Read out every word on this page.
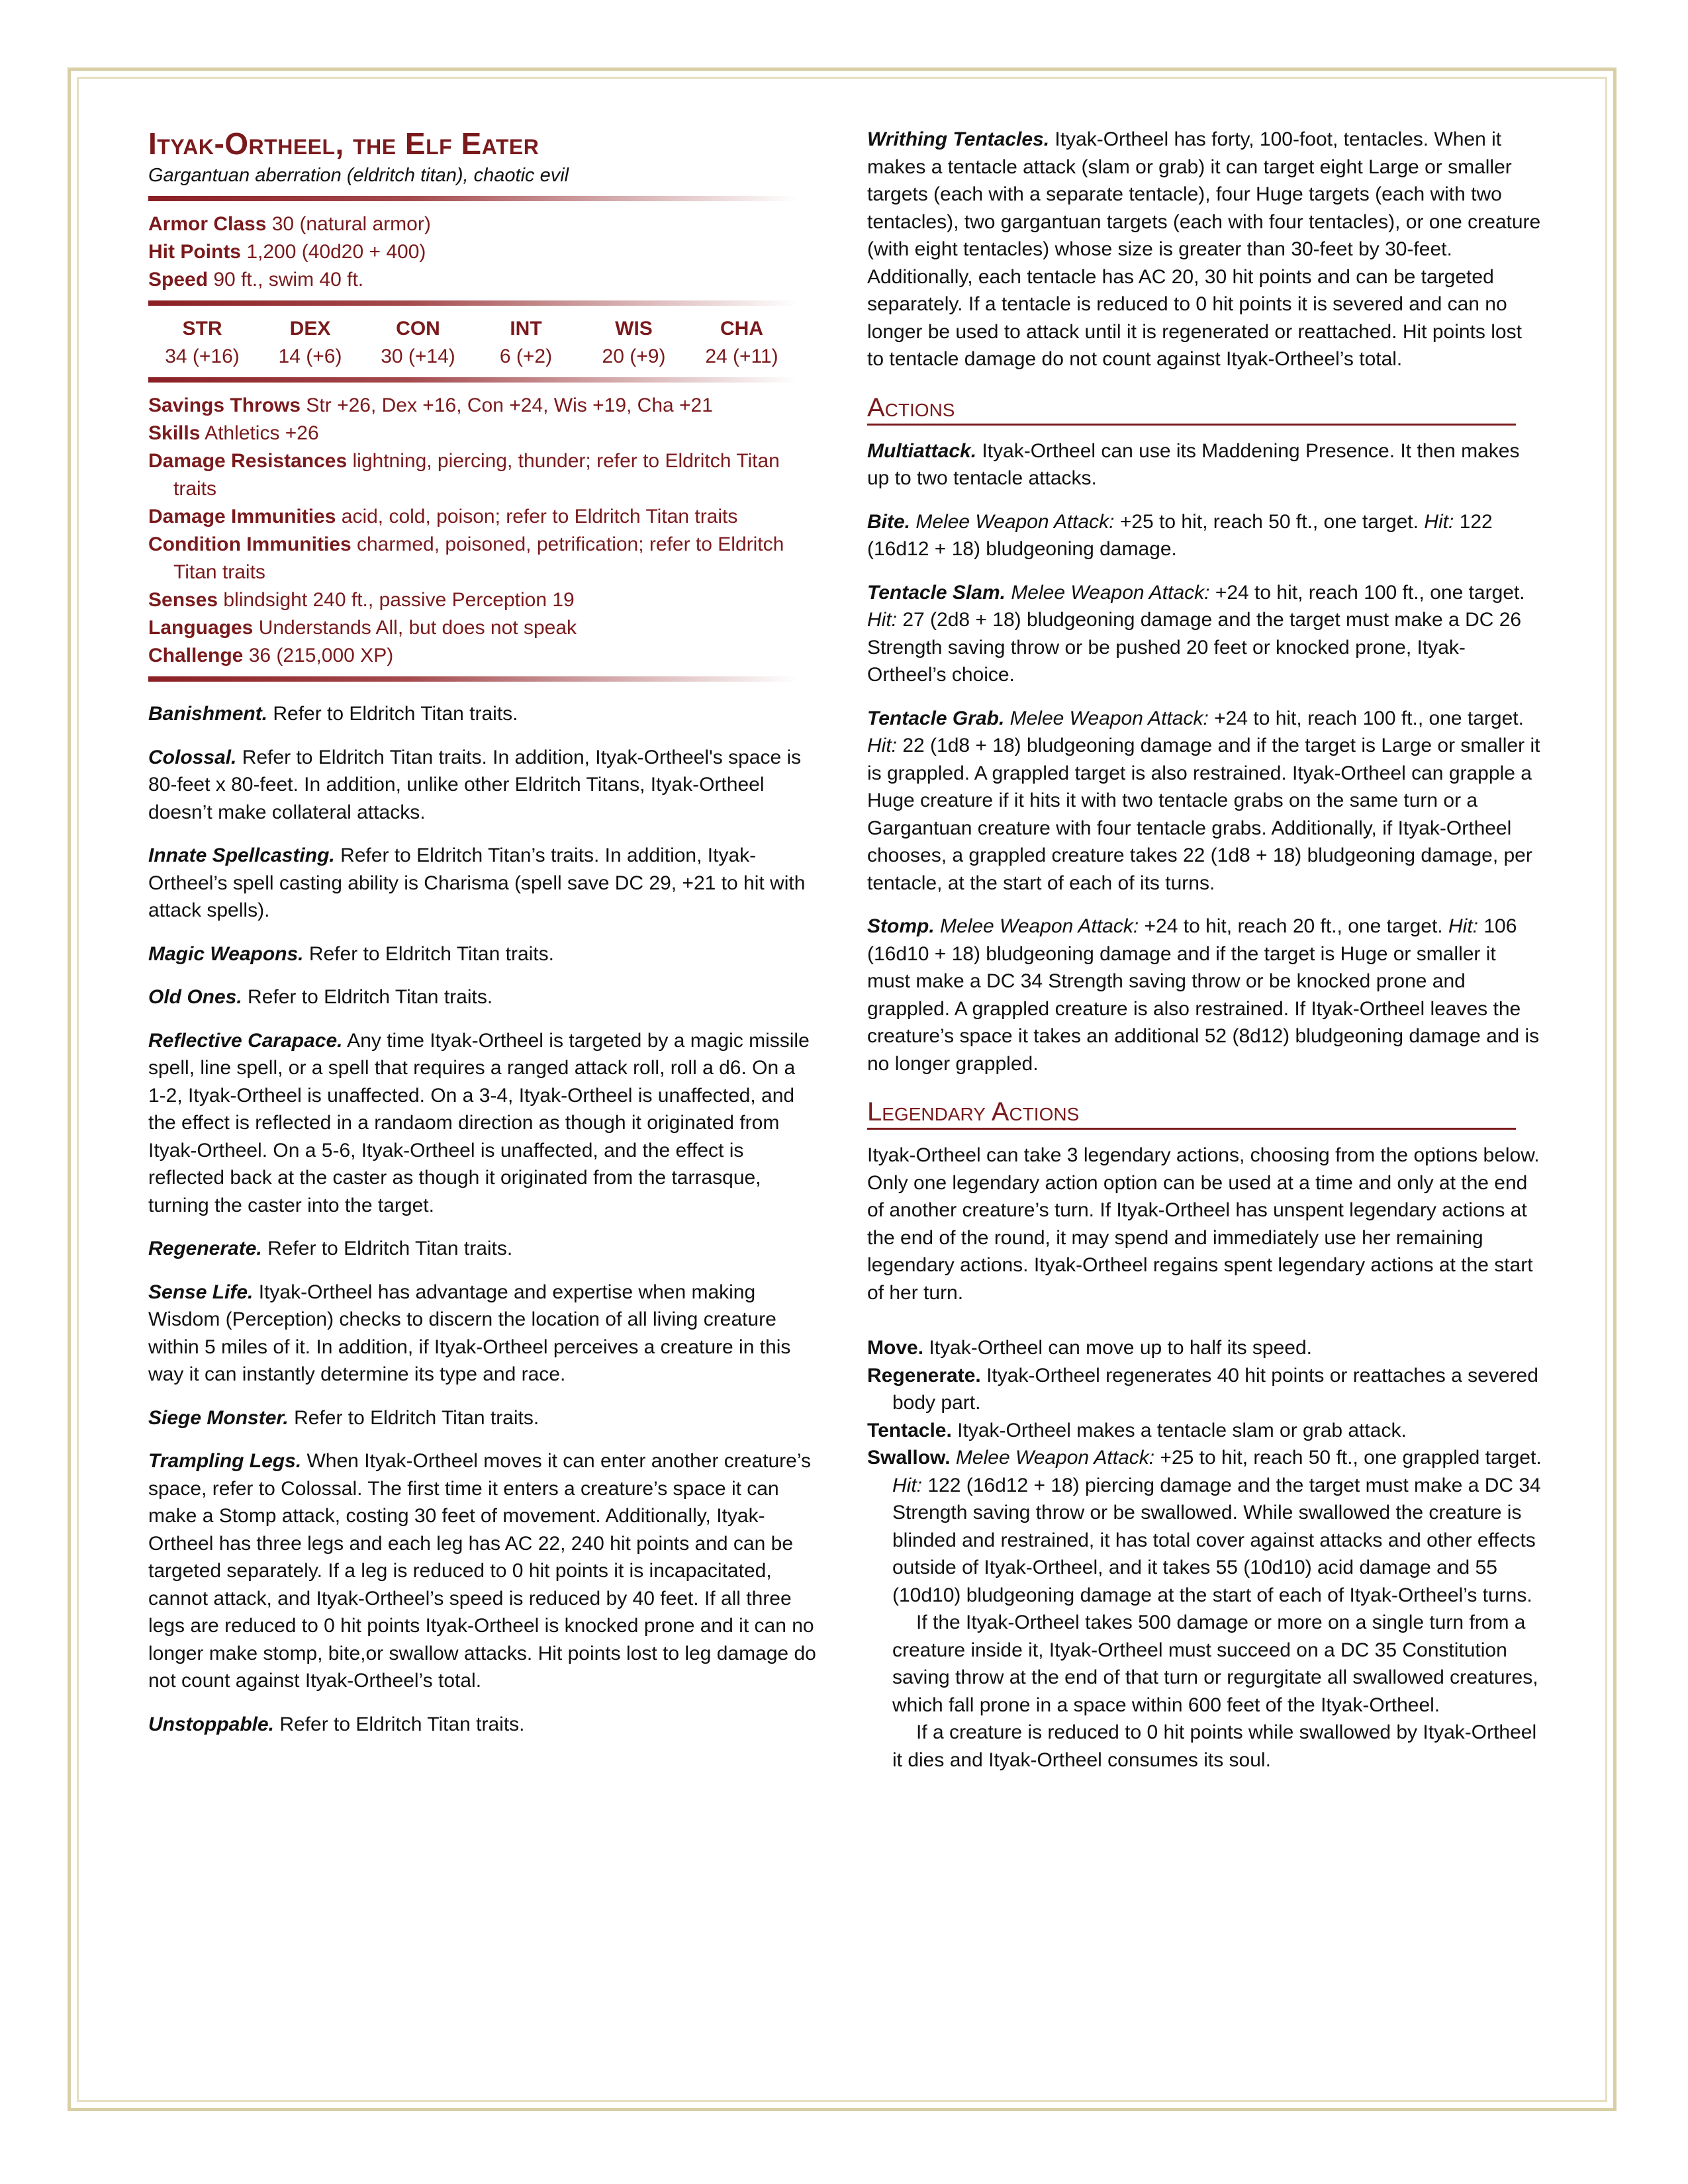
Ityak-Ortheel, the Elf Eater
Gargantuan aberration (eldritch titan), chaotic evil
Armor Class 30 (natural armor)
Hit Points 1,200 (40d20 + 400)
Speed 90 ft., swim 40 ft.
STR
34 (+16)
DEX
14 (+6)
CON
30 (+14)
INT
6 (+2)
WIS
20 (+9)
CHA
24 (+11)
Savings Throws Str +26, Dex +16, Con +24, Wis +19, Cha +21
Skills Athletics +26
Damage Resistances lightning, piercing, thunder; refer to Eldritch Titan traits
Damage Immunities acid, cold, poison; refer to Eldritch Titan traits
Condition Immunities charmed, poisoned, petrification; refer to Eldritch Titan traits
Senses blindsight 240 ft., passive Perception 19
Languages Understands All, but does not speak
Challenge 36 (215,000 XP)

Banishment. Refer to Eldritch Titan traits.

Colossal. Refer to Eldritch Titan traits. In addition, Ityak-Ortheel's space is 80-feet x 80-feet. In addition, unlike other Eldritch Titans, Ityak-Ortheel doesn’t make collateral attacks.

Innate Spellcasting. Refer to Eldritch Titan’s traits. In addition, Ityak-Ortheel’s spell casting ability is Charisma (spell save DC 29, +21 to hit with attack spells).

Magic Weapons. Refer to Eldritch Titan traits.

Old Ones. Refer to Eldritch Titan traits.

Reflective Carapace. Any time Ityak-Ortheel is targeted by a magic missile spell, line spell, or a spell that requires a ranged attack roll, roll a d6. On a 1-2, Ityak-Ortheel is unaffected. On a 3-4, Ityak-Ortheel is unaffected, and the effect is reflected in a randaom direction as though it originated from Ityak-Ortheel. On a 5-6, Ityak-Ortheel is unaffected, and the effect is reflected back at the caster as though it originated from the tarrasque, turning the caster into the target.

Regenerate. Refer to Eldritch Titan traits.

Sense Life. Ityak-Ortheel has advantage and expertise when making Wisdom (Perception) checks to discern the location of all living creature within 5 miles of it. In addition, if Ityak-Ortheel perceives a creature in this way it can instantly determine its type and race.

Siege Monster. Refer to Eldritch Titan traits.

Trampling Legs. When Ityak-Ortheel moves it can enter another creature’s space, refer to Colossal. The first time it enters a creature’s space it can make a Stomp attack, costing 30 feet of movement. Additionally, Ityak-Ortheel has three legs and each leg has AC 22, 240 hit points and can be targeted separately. If a leg is reduced to 0 hit points it is incapacitated, cannot attack, and Ityak-Ortheel’s speed is reduced by 40 feet. If all three legs are reduced to 0 hit points Ityak-Ortheel is knocked prone and it can no longer make stomp, bite,or swallow attacks. Hit points lost to leg damage do not count against Ityak-Ortheel’s total.

Unstoppable. Refer to Eldritch Titan traits.

Writhing Tentacles. Ityak-Ortheel has forty, 100-foot, tentacles. When it makes a tentacle attack (slam or grab) it can target eight Large or smaller targets (each with a separate tentacle), four Huge targets (each with two tentacles), two gargantuan targets (each with four tentacles), or one creature (with eight tentacles) whose size is greater than 30-feet by 30-feet. Additionally, each tentacle has AC 20, 30 hit points and can be targeted separately. If a tentacle is reduced to 0 hit points it is severed and can no longer be used to attack until it is regenerated or reattached. Hit points lost to tentacle damage do not count against Ityak-Ortheel’s total.

Actions

Multiattack. Ityak-Ortheel can use its Maddening Presence. It then makes up to two tentacle attacks.

Bite. Melee Weapon Attack: +25 to hit, reach 50 ft., one target. Hit: 122 (16d12 + 18) bludgeoning damage.

Tentacle Slam. Melee Weapon Attack: +24 to hit, reach 100 ft., one target. Hit: 27 (2d8 + 18) bludgeoning damage and the target must make a DC 26 Strength saving throw or be pushed 20 feet or knocked prone, Ityak-Ortheel’s choice.

Tentacle Grab. Melee Weapon Attack: +24 to hit, reach 100 ft., one target. Hit: 22 (1d8 + 18) bludgeoning damage and if the target is Large or smaller it is grappled. A grappled target is also restrained. Ityak-Ortheel can grapple a Huge creature if it hits it with two tentacle grabs on the same turn or a Gargantuan creature with four tentacle grabs. Additionally, if Ityak-Ortheel chooses, a grappled creature takes 22 (1d8 + 18) bludgeoning damage, per tentacle, at the start of each of its turns.

Stomp. Melee Weapon Attack: +24 to hit, reach 20 ft., one target. Hit: 106 (16d10 + 18) bludgeoning damage and if the target is Huge or smaller it must make a DC 34 Strength saving throw or be knocked prone and grappled. A grappled creature is also restrained. If Ityak-Ortheel leaves the creature’s space it takes an additional 52 (8d12) bludgeoning damage and is no longer grappled.

Legendary Actions

Ityak-Ortheel can take 3 legendary actions, choosing from the options below. Only one legendary action option can be used at a time and only at the end of another creature’s turn. If Ityak-Ortheel has unspent legendary actions at the end of the round, it may spend and immediately use her remaining legendary actions. Ityak-Ortheel regains spent legendary actions at the start of her turn.

Move. Ityak-Ortheel can move up to half its speed.

Regenerate. Ityak-Ortheel regenerates 40 hit points or reattaches a severed body part.

Tentacle. Ityak-Ortheel makes a tentacle slam or grab attack.

Swallow. Melee Weapon Attack: +25 to hit, reach 50 ft., one grappled target. Hit: 122 (16d12 + 18) piercing damage and the target must make a DC 34 Strength saving throw or be swallowed. While swallowed the creature is blinded and restrained, it has total cover against attacks and other effects outside of Ityak-Ortheel, and it takes 55 (10d10) acid damage and 55 (10d10) bludgeoning damage at the start of each of Ityak-Ortheel’s turns.

If the Ityak-Ortheel takes 500 damage or more on a single turn from a creature inside it, Ityak-Ortheel must succeed on a DC 35 Constitution saving throw at the end of that turn or regurgitate all swallowed creatures, which fall prone in a space within 600 feet of the Ityak-Ortheel.

If a creature is reduced to 0 hit points while swallowed by Ityak-Ortheel it dies and Ityak-Ortheel consumes its soul.
